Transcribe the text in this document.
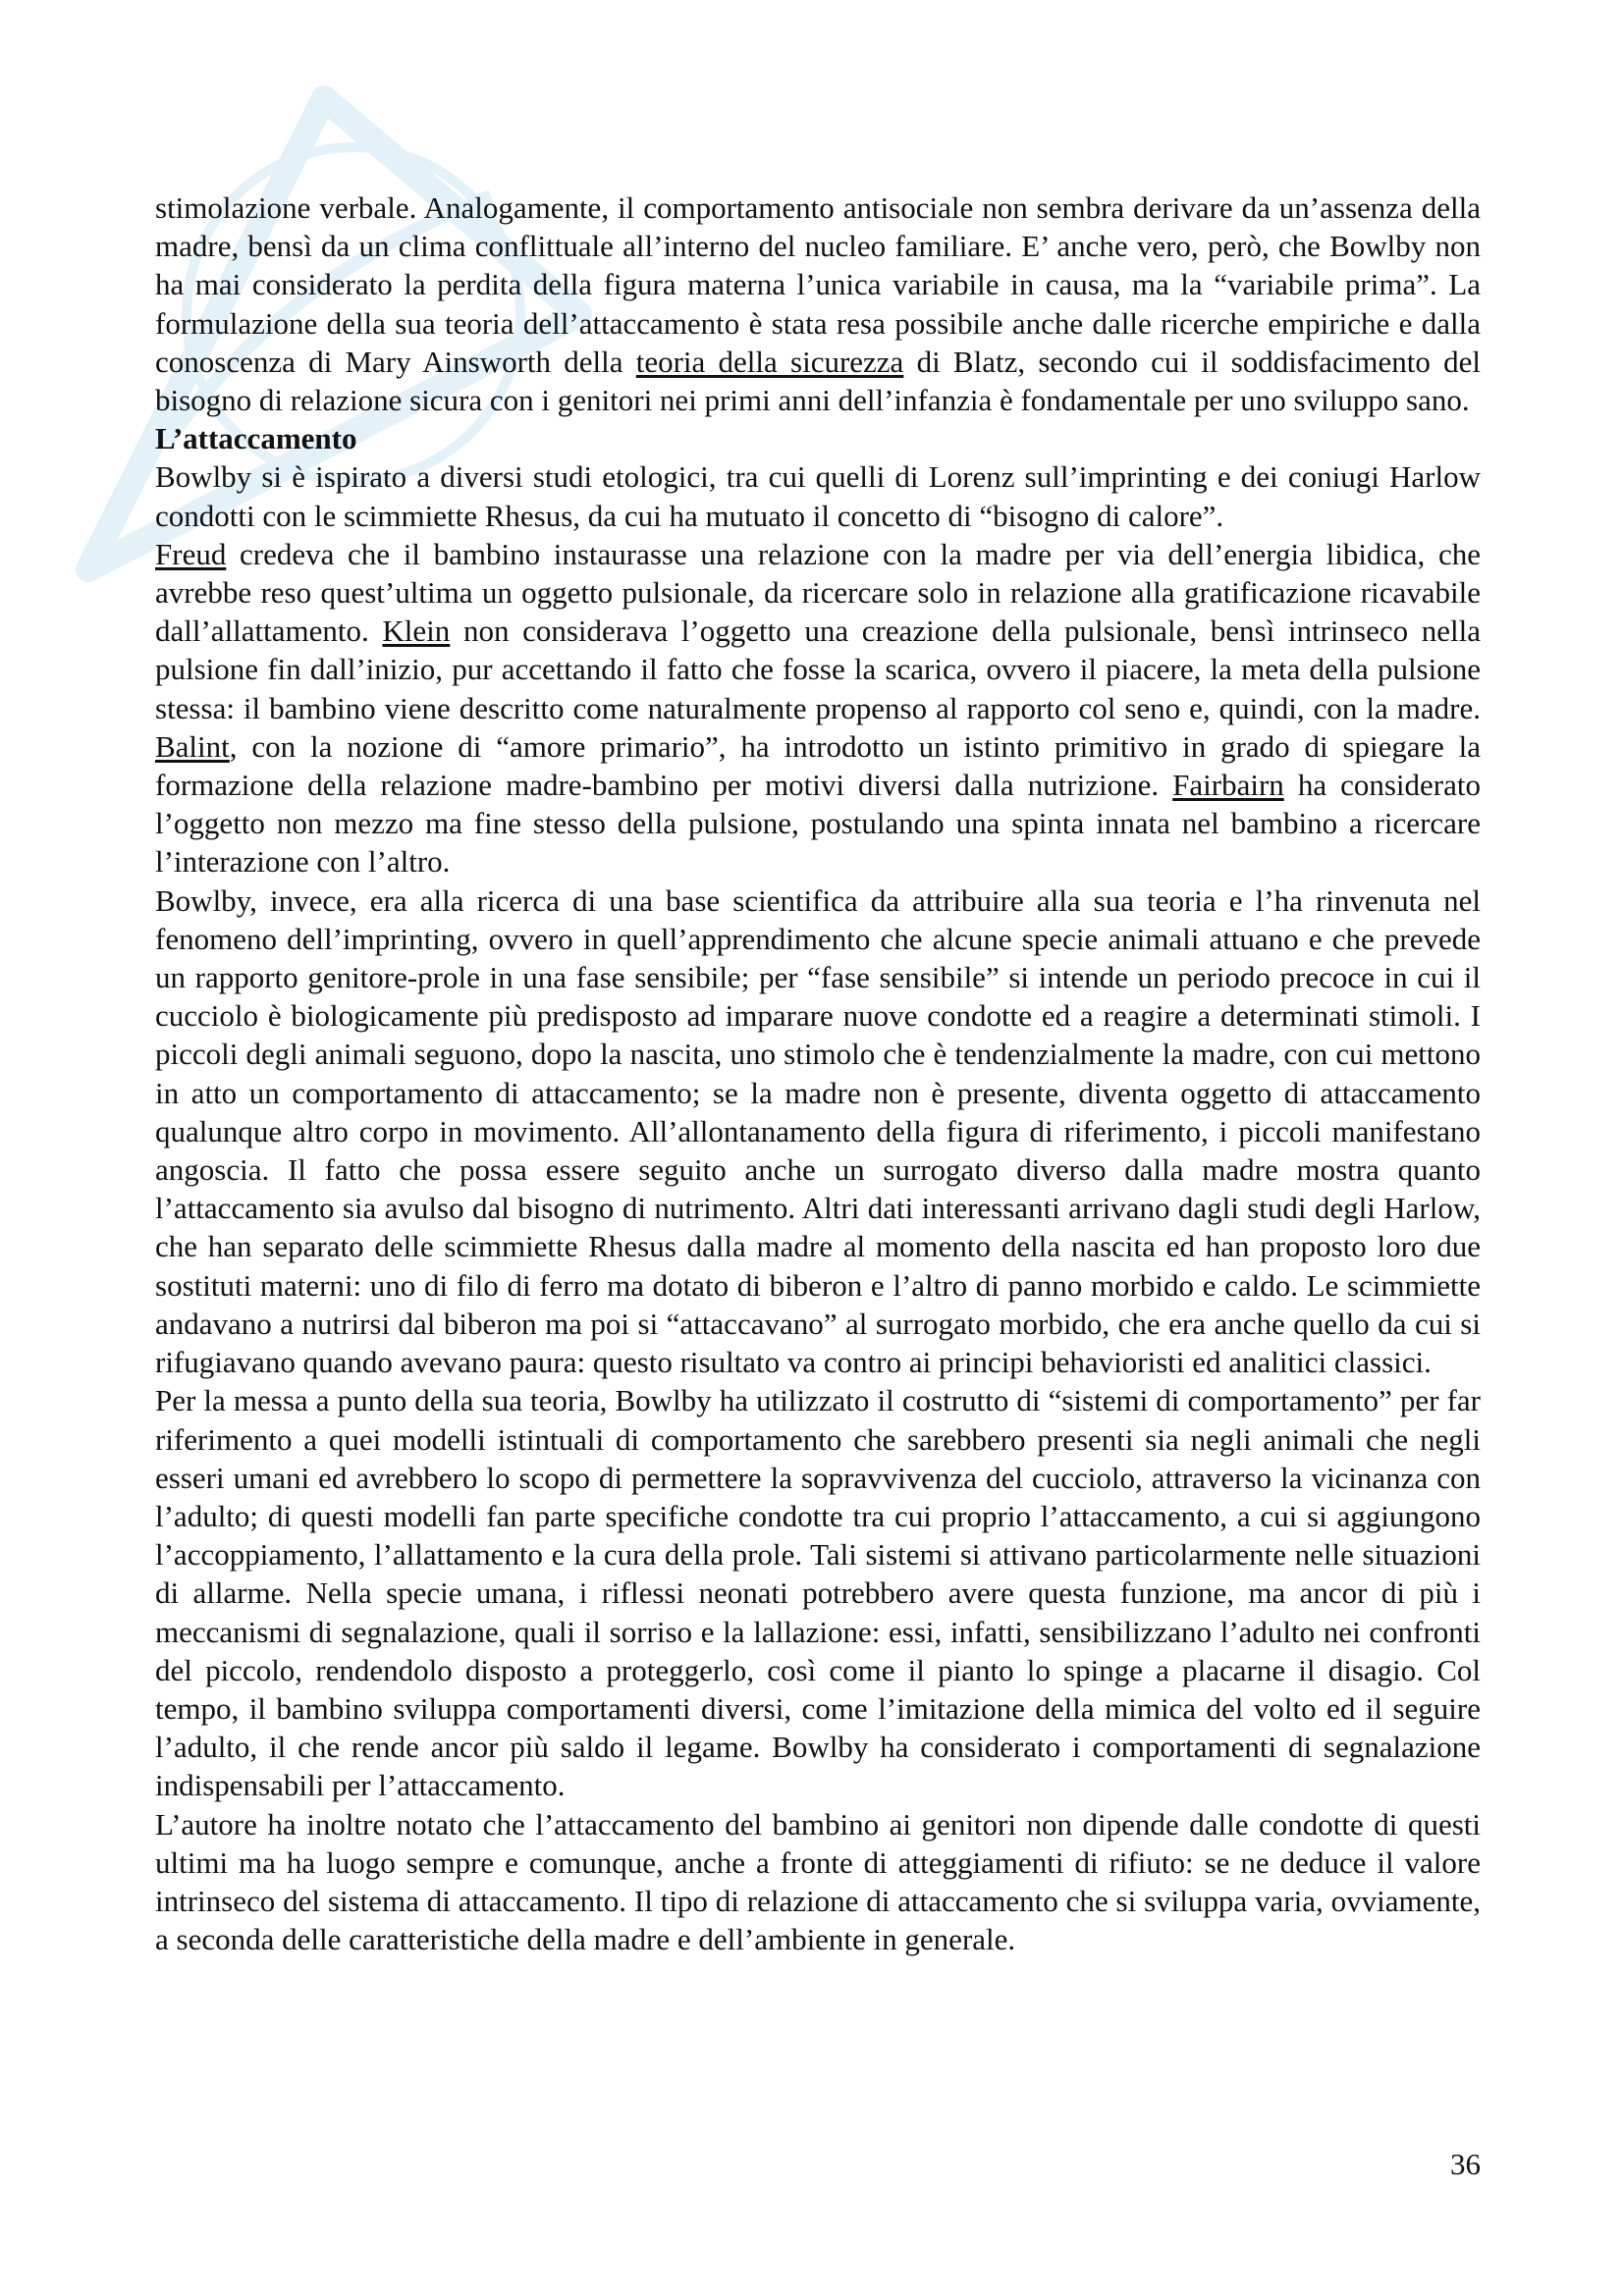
stimolazione verbale. Analogamente, il comportamento antisociale non sembra derivare da un’assenza della madre, bensì da un clima conflittuale all’interno del nucleo familiare. E’ anche vero, però, che Bowlby non ha mai considerato la perdita della figura materna l’unica variabile in causa, ma la “variabile prima”. La formulazione della sua teoria dell’attaccamento è stata resa possibile anche dalle ricerche empiriche e dalla conoscenza di Mary Ainsworth della teoria della sicurezza di Blatz, secondo cui il soddisfacimento del bisogno di relazione sicura con i genitori nei primi anni dell’infanzia è fondamentale per uno sviluppo sano.

L’attaccamento

Bowlby si è ispirato a diversi studi etologici, tra cui quelli di Lorenz sull’imprinting e dei coniugi Harlow condotti con le scimmiette Rhesus, da cui ha mutuato il concetto di “bisogno di calore”.

Freud credeva che il bambino instaurasse una relazione con la madre per via dell’energia libidica, che avrebbe reso quest’ultima un oggetto pulsionale, da ricercare solo in relazione alla gratificazione ricavabile dall’allattamento. Klein non considerava l’oggetto una creazione della pulsionale, bensì intrinseco nella pulsione fin dall’inizio, pur accettando il fatto che fosse la scarica, ovvero il piacere, la meta della pulsione stessa: il bambino viene descritto come naturalmente propenso al rapporto col seno e, quindi, con la madre. Balint, con la nozione di “amore primario”, ha introdotto un istinto primitivo in grado di spiegare la formazione della relazione madre-bambino per motivi diversi dalla nutrizione. Fairbairn ha considerato l’oggetto non mezzo ma fine stesso della pulsione, postulando una spinta innata nel bambino a ricercare l’interazione con l’altro.

Bowlby, invece, era alla ricerca di una base scientifica da attribuire alla sua teoria e l’ha rinvenuta nel fenomeno dell’imprinting, ovvero in quell’apprendimento che alcune specie animali attuano e che prevede un rapporto genitore-prole in una fase sensibile; per “fase sensibile” si intende un periodo precoce in cui il cucciolo è biologicamente più predisposto ad imparare nuove condotte ed a reagire a determinati stimoli. I piccoli degli animali seguono, dopo la nascita, uno stimolo che è tendenzialmente la madre, con cui mettono in atto un comportamento di attaccamento; se la madre non è presente, diventa oggetto di attaccamento qualunque altro corpo in movimento. All’allontanamento della figura di riferimento, i piccoli manifestano angoscia. Il fatto che possa essere seguito anche un surrogato diverso dalla madre mostra quanto l’attaccamento sia avulso dal bisogno di nutrimento. Altri dati interessanti arrivano dagli studi degli Harlow, che han separato delle scimmiette Rhesus dalla madre al momento della nascita ed han proposto loro due sostituti materni: uno di filo di ferro ma dotato di biberon e l’altro di panno morbido e caldo. Le scimmiette andavano a nutrirsi dal biberon ma poi si “attaccavano” al surrogato morbido, che era anche quello da cui si rifugiavano quando avevano paura: questo risultato va contro ai principi behavioristi ed analitici classici.

Per la messa a punto della sua teoria, Bowlby ha utilizzato il costrutto di “sistemi di comportamento” per far riferimento a quei modelli istintuali di comportamento che sarebbero presenti sia negli animali che negli esseri umani ed avrebbero lo scopo di permettere la sopravvivenza del cucciolo, attraverso la vicinanza con l’adulto; di questi modelli fan parte specifiche condotte tra cui proprio l’attaccamento, a cui si aggiungono l’accoppiamento, l’allattamento e la cura della prole. Tali sistemi si attivano particolarmente nelle situazioni di allarme. Nella specie umana, i riflessi neonati potrebbero avere questa funzione, ma ancor di più i meccanismi di segnalazione, quali il sorriso e la lallazione: essi, infatti, sensibilizzano l’adulto nei confronti del piccolo, rendendolo disposto a proteggerlo, così come il pianto lo spinge a placarne il disagio. Col tempo, il bambino sviluppa comportamenti diversi, come l’imitazione della mimica del volto ed il seguire l’adulto, il che rende ancor più saldo il legame. Bowlby ha considerato i comportamenti di segnalazione indispensabili per l’attaccamento.

L’autore ha inoltre notato che l’attaccamento del bambino ai genitori non dipende dalle condotte di questi ultimi ma ha luogo sempre e comunque, anche a fronte di atteggiamenti di rifiuto: se ne deduce il valore intrinseco del sistema di attaccamento. Il tipo di relazione di attaccamento che si sviluppa varia, ovviamente, a seconda delle caratteristiche della madre e dell’ambiente in generale.

36
